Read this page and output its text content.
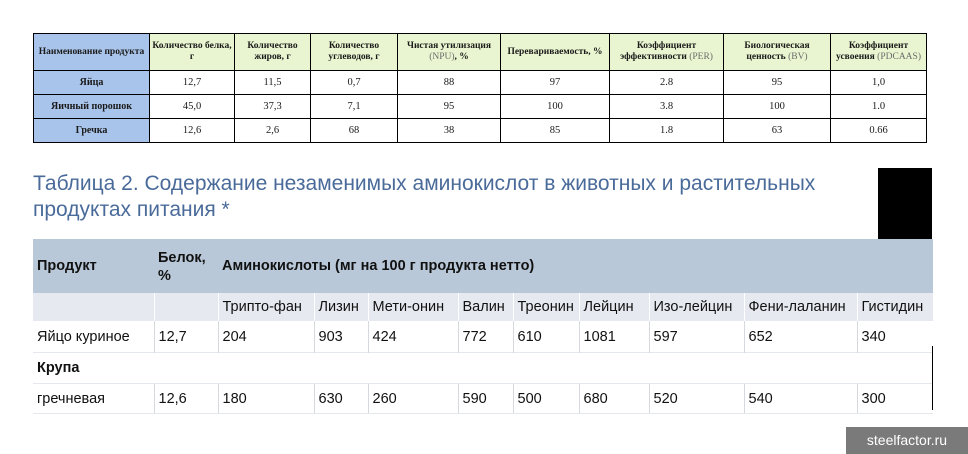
Наименование продукта	Количество белка, г	Количество жиров, г	Количество углеводов, г	Чистая утилизация (NPU), %	Перевариваемость, %	Коэффициент эффективности (PER)	Биологическая ценность (BV)	Коэффициент усвоения (PDCAAS)
Яйца	12,7	11,5	0,7	88	97	2.8	95	1,0
Яичный порошок	45,0	37,3	7,1	95	100	3.8	100	1.0
Гречка	12,6	2,6	68	38	85	1.8	63	0.66
Таблица 2. Содержание незаменимых аминокислот в животных и растительных продуктах питания *
Продукт	Белок, %	Аминокислоты (мг на 100 г продукта нетто)								
		Трипто-фан	Лизин	Мети-онин	Валин	Треонин	Лейцин	Изо-лейцин	Фени-лаланин	Гистидин
Яйцо куриное	12,7	204	903	424	772	610	1081	597	652	340
Крупа										
гречневая	12,6	180	630	260	590	500	680	520	540	300
steelfactor.ru
